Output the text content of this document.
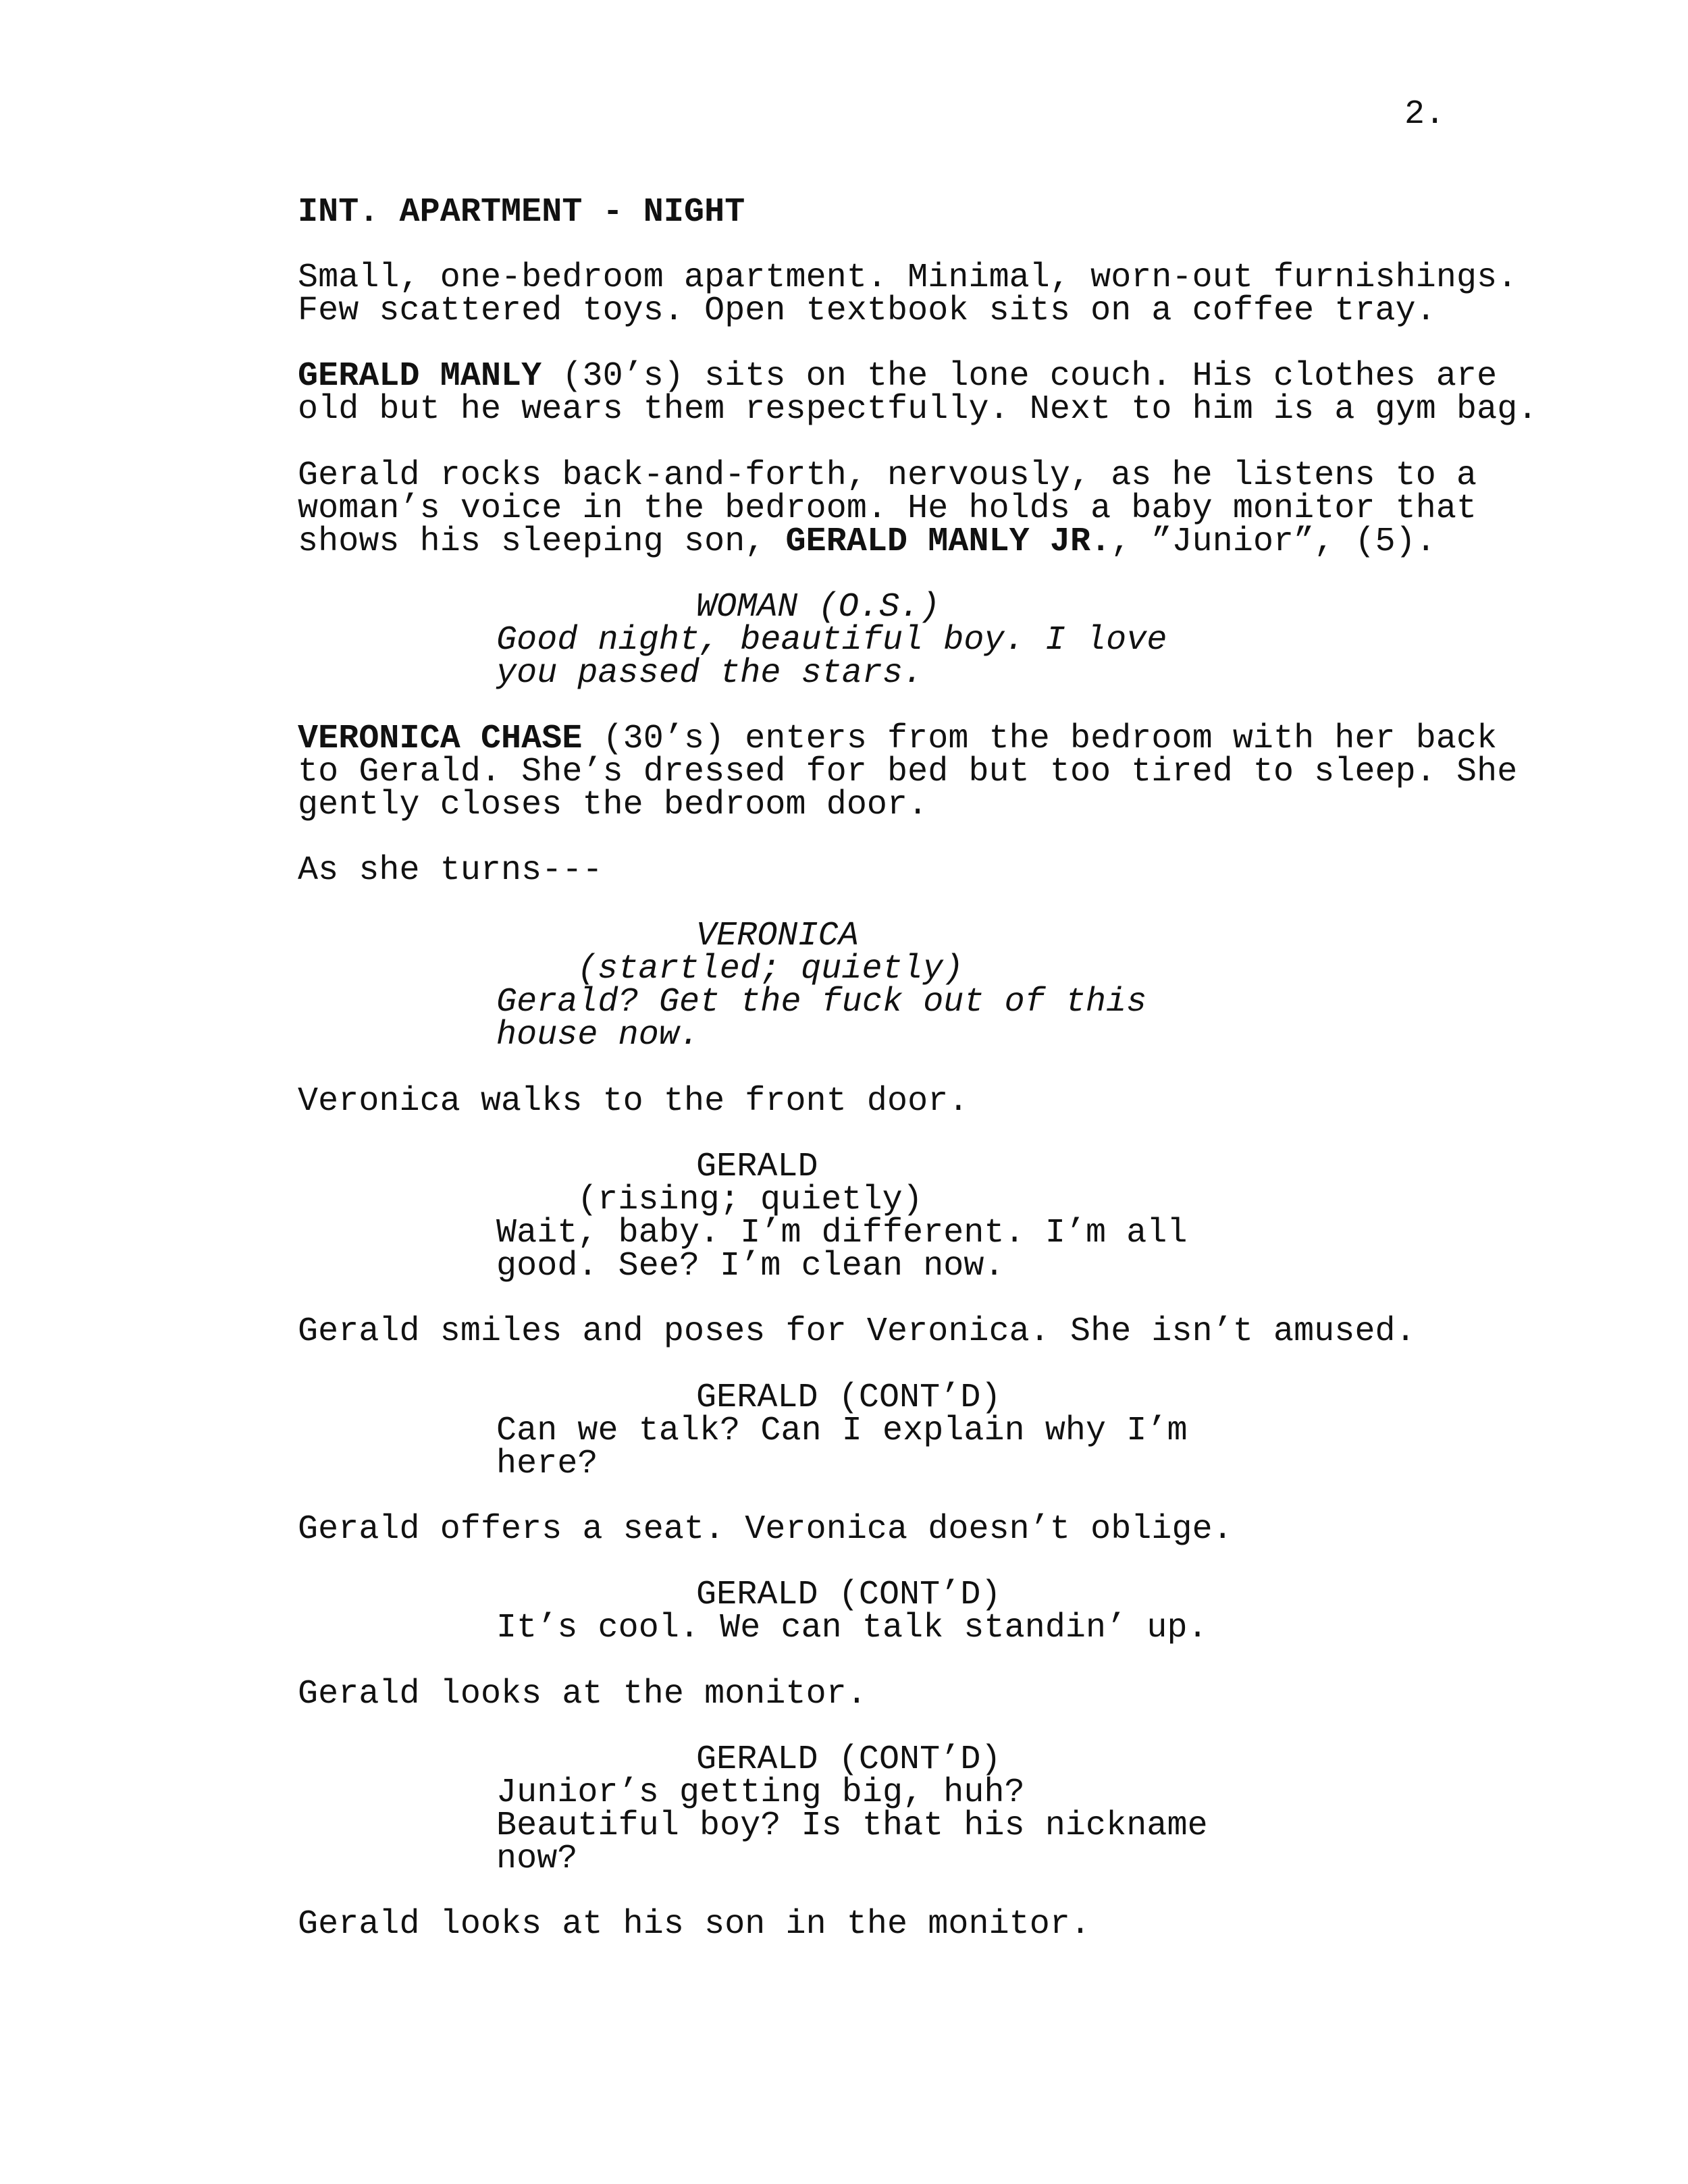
2.

INT. APARTMENT - NIGHT

Small, one-bedroom apartment. Minimal, worn-out furnishings.

Few scattered toys. Open textbook sits on a coffee tray.

GERALD MANLY (30’s) sits on the lone couch. His clothes are

old but he wears them respectfully. Next to him is a gym bag.

Gerald rocks back-and-forth, nervously, as he listens to a

woman’s voice in the bedroom. He holds a baby monitor that

shows his sleeping son, GERALD MANLY JR., ”Junior”, (5).

WOMAN (O.S.)

Good night, beautiful boy. I love

you passed the stars.

VERONICA CHASE (30’s) enters from the bedroom with her back

to Gerald. She’s dressed for bed but too tired to sleep. She

gently closes the bedroom door.

As she turns---

VERONICA

(startled; quietly)

Gerald? Get the fuck out of this

house now.

Veronica walks to the front door.

GERALD

(rising; quietly)

Wait, baby. I’m different. I’m all

good. See? I’m clean now.

Gerald smiles and poses for Veronica. She isn’t amused.

GERALD (CONT’D)

Can we talk? Can I explain why I’m

here?

Gerald offers a seat. Veronica doesn’t oblige.

GERALD (CONT’D)

It’s cool. We can talk standin’ up.

Gerald looks at the monitor.

GERALD (CONT’D)

Junior’s getting big, huh?

Beautiful boy? Is that his nickname

now?

Gerald looks at his son in the monitor.
